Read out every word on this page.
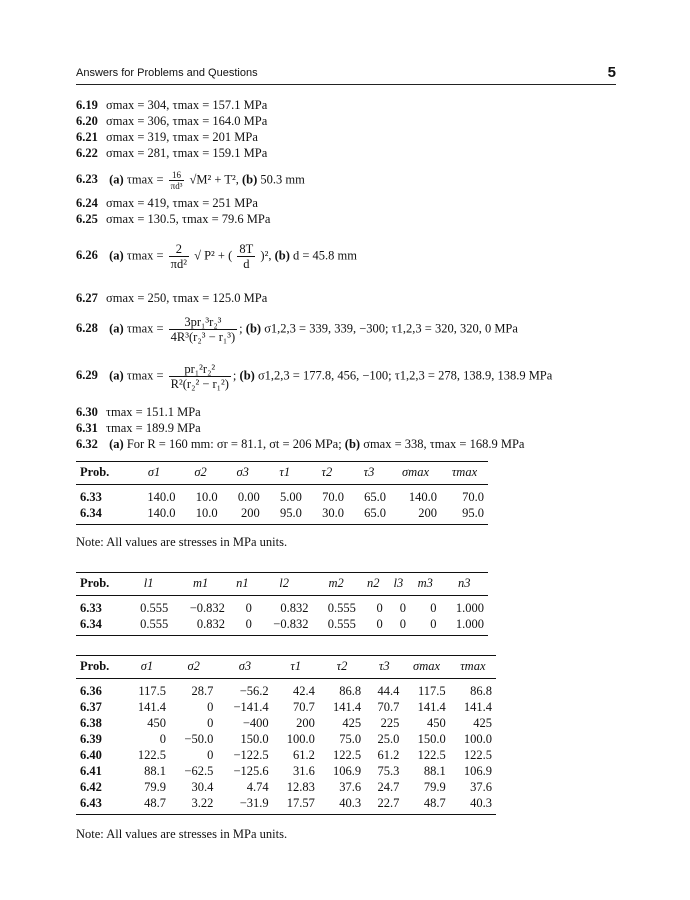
Answers for Problems and Questions	5
6.19 σmax = 304, τmax = 157.1 MPa
6.20 σmax = 306, τmax = 164.0 MPa
6.21 σmax = 319, τmax = 201 MPa
6.22 σmax = 281, τmax = 159.1 MPa
6.23 (a) $\tau\max = \frac{16}{\text{πd³}} √M^2 + T^2$, (b) 50.3 mm
6.24 σmax = 419, τmax = 251 MPa
6.25 σmax = 130.5, τmax = 79.6 MPa
6.26 (a) $\tau\max = \frac{2}{\text{πd²}}$ √ P² + ( $\frac{8T}{d} )^2$, (b) d = 45.8 mm
6.27 σmax = 250, τmax = 125.0 MPa
6.28 (a) $\tau\max = \frac{\text{3pr₁³r₂³}}{\text{4R³(r₂³ − r₁³)}}$ ; (b) σ1,2,3 = 339, 339, −300; τ1,2,3 = 320, 320, 0 MPa
6.29 (a) $\tau\max = \frac{\text{pr₁²r₂²}}{\text{R²(r₂² − r₁²)}}$ ; (b) σ1,2,3 = 177.8, 456, −100; τ1,2,3 = 278, 138.9, 138.9 MPa
6.30 τmax = 151.1 MPa
6.31 τmax = 189.9 MPa
6.32 (a) For R = 160 mm: σr = 81.1, σt = 206 MPa; (b) σmax = 338, τmax = 168.9 MPa
Prob.	σ1	σ2	σ3	τ1	τ2	τ3	σmax	τmax
6.33	140.0	10.0	0.00	5.00	70.0	65.0	140.0	70.0
6.34	140.0	10.0	200	95.0	30.0	65.0	200	95.0
Note: All values are stresses in MPa units.
Prob.	l1	m1	n1	l2	m2	n2	l3	m3	n3
6.33	0.555	−0.832	0	0.832	0.555	0	0	0	1.000
6.34	0.555	0.832	0	−0.832	0.555	0	0	0	1.000
Prob.	σ1	σ2	σ3	τ1	τ2	τ3	σmax	τmax
6.36	117.5	28.7	−56.2	42.4	86.8	44.4	117.5	86.8
6.37	141.4	0	−141.4	70.7	141.4	70.7	141.4	141.4
6.38	450	0	−400	200	425	225	450	425
6.39	0	−50.0	150.0	100.0	75.0	25.0	150.0	100.0
6.40	122.5	0	−122.5	61.2	122.5	61.2	122.5	122.5
6.41	88.1	−62.5	−125.6	31.6	106.9	75.3	88.1	106.9
6.42	79.9	30.4	4.74	12.83	37.6	24.7	79.9	37.6
6.43	48.7	3.22	−31.9	17.57	40.3	22.7	48.7	40.3
Note: All values are stresses in MPa units.
